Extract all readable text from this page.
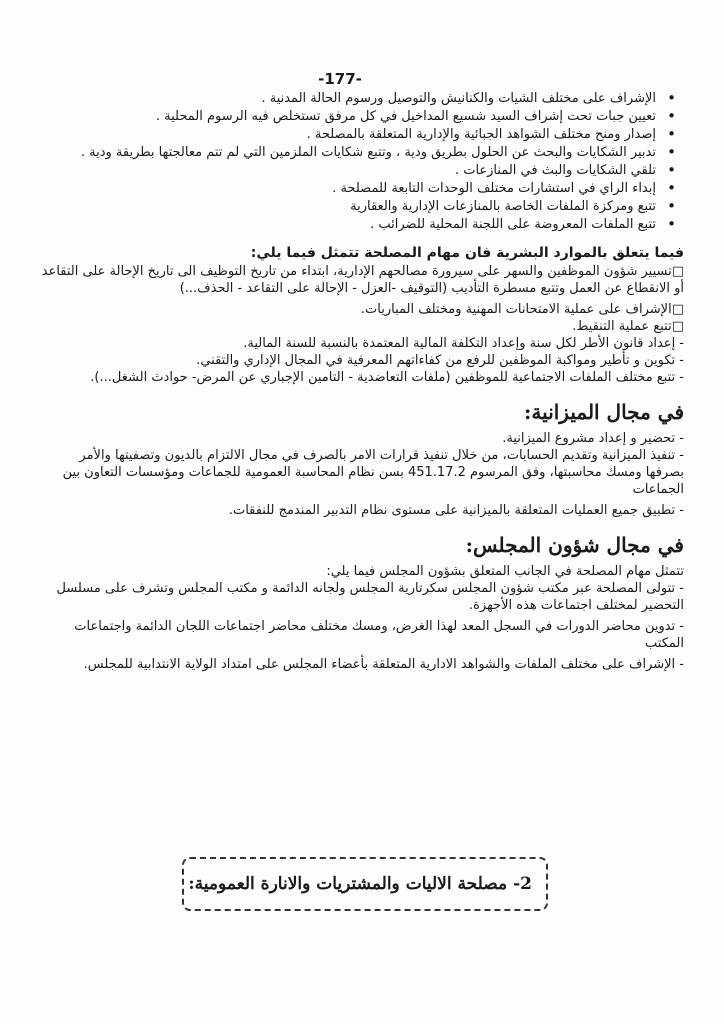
-177-
• الإشراف على مختلف الشيات والكنانيش والتوصيل ورسوم الحالة المدنية .
• تعيين جبات تحت إشراف السيد شسيع المداخيل في كل مرفق تستخلص فيه الرسوم المحلية .
• إصدار ومنح مختلف الشواهد الجبائية والإدارية المتعلقة بالمصلحة .
• تدبير الشكايات والبحث عن الحلول بطريق ودية ، وتتبع شكايات الملزمين التي لم تتم معالجتها بطريقة ودية .
• تلقي الشكايات والبث في المنازعات .
• إبداء الراي في استشارات مختلف الوحدات التابعة للمصلحة .
• تتبع ومركزة الملفات الخاصة بالمنازعات الإدارية والعقارية
• تتبع الملفات المعروضة على اللجنة المحلية للضرائب .

فيما يتعلق بالموارد البشرية فان مهام المصلحة تتمثل فيما يلي:

□تسيير شؤون الموظفين والسهر على سيرورة مصالحهم الإدارية، ابتداء من تاريخ التوظيف الى تاريخ الإحالة على التقاعد أو الانقطاع عن العمل وتتبع مسطرة التأديب (التوقيف -العزل - الإحالة على التقاعد - الحذف...)

□الإشراف على عملية الامتحانات المهنية ومختلف المباريات.

□تتبع عملية التنقيط.

- إعداد قانون الأطر لكل سنة وإعداد التكلفة المالية المعتمدة بالنسبة للسنة المالية.

- تكوين و تأطير ومواكبة الموظفين للرفع من كفاءاتهم المعرفية في المجال الإداري والتقني.

- تتبع مختلف الملفات الاجتماعية للموظفين (ملفات التعاضدية - التامين الإجباري عن المرض- حوادث الشغل...).

في مجال الميزانية:

- تحضير و إعداد مشروع الميزانية.

- تنفيذ الميزانية وتقديم الحسابات، من خلال تنفيذ قرارات الامر بالصرف في مجال الالتزام بالديون وتصفيتها والأمر بصرفها ومسك محاسبتها، وفق المرسوم 451.17.2 بسن نظام المحاسبة العمومية للجماعات ومؤسسات التعاون بين الجماعات

- تطبيق جميع العمليات المتعلقة بالميزانية على مستوى نظام التدبير المندمج للنفقات.

في مجال شؤون المجلس:

تتمثل مهام المصلحة في الجانب المتعلق بشؤون المجلس فيما يلي:

- تتولى المصلحة عبر مكتب شؤون المجلس سكرتارية المجلس ولجانه الدائمة و مكتب المجلس وتشرف على مسلسل التحضير لمختلف اجتماعات هذه الأجهزة.

- تدوين محاضر الدورات في السجل المعد لهذا الغرض، ومسك مختلف محاضر اجتماعات اللجان الدائمة واجتماعات المكتب

- الإشراف على مختلف الملفات والشواهد الادارية المتعلقة بأعضاء المجلس على امتداد الولاية الانتدابية للمجلس.

2-
مصلحة الاليات والمشتريات والانارة العمومية:
